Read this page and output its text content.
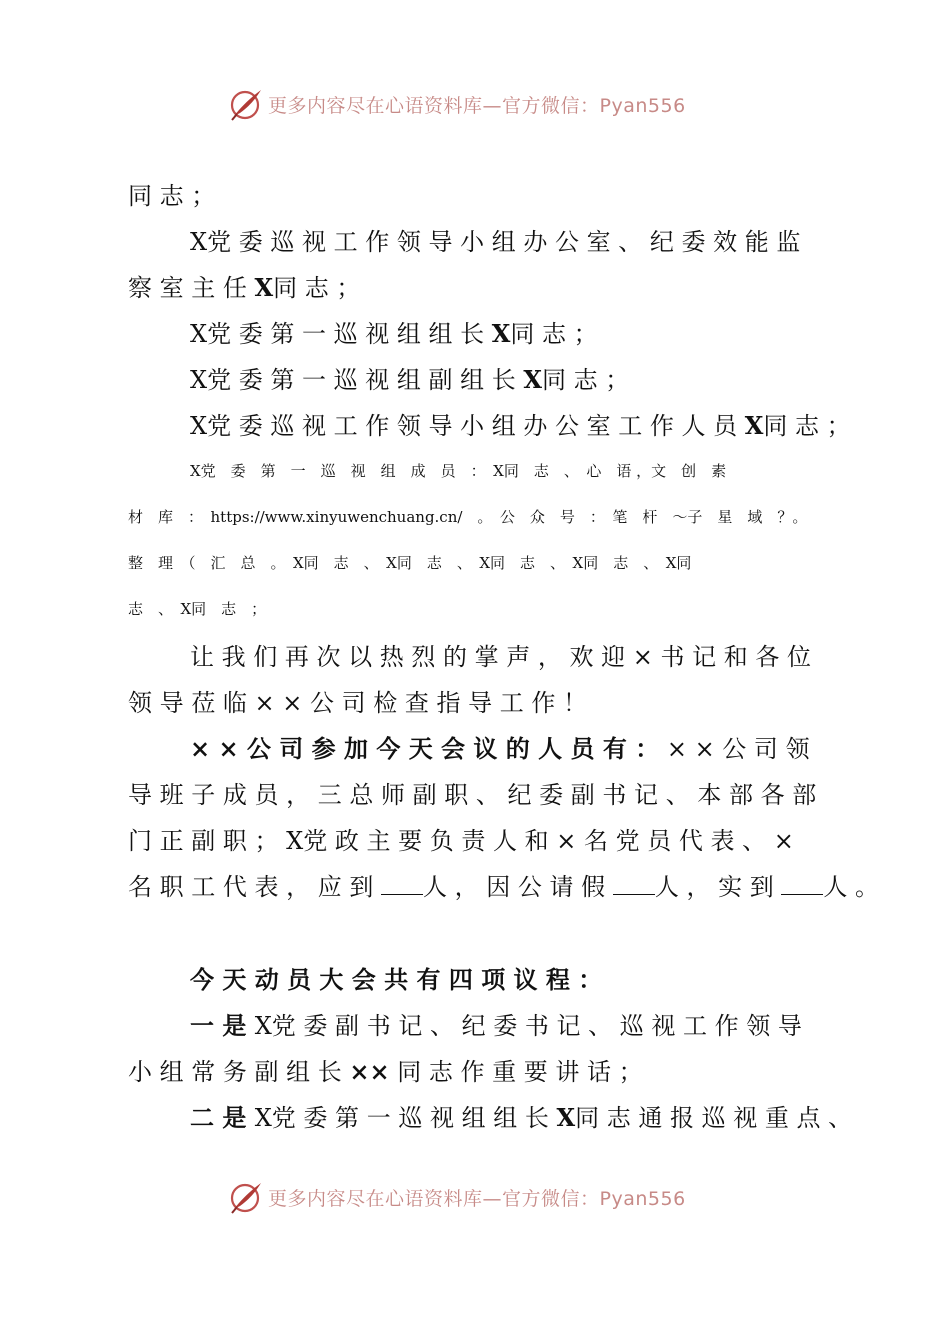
更多内容尽在心语资料库—官方微信：Pyan556
同 志 ；
X党 委 巡 视 工 作 领 导 小 组 办 公 室 、 纪 委 效 能 监
察 室 主 任 X同 志 ；
X党 委 第 一 巡 视 组 组 长 X同 志 ；
X党 委 第 一 巡 视 组 副 组 长 X同 志 ；
X党 委 巡 视 工 作 领 导 小 组 办 公 室 工 作 人 员 X同 志 ；
X党　委　第　一　巡　视　组　成　员　：　X同　志　、　心　语 ，文　创　素
材　库　：　https://www.xinyuwenchuang.cn/　。　公　众　号　：　笔　杆　～子　星　域　？。
整　理　（　汇　总　。　X同　志　、　X同　志　、　X同　志　、　X同　志　、　X同
志　、　X同　志　；
让 我 们 再 次 以 热 烈 的 掌 声 ， 欢 迎 × 书 记 和 各 位
领 导 莅 临 × × 公 司 检 查 指 导 工 作 ！
× × 公 司 参 加 今 天 会 议 的 人 员 有 ： × × 公 司 领
导 班 子 成 员 ， 三 总 师 副 职 、 纪 委 副 书 记 、 本 部 各 部
门 正 副 职 ； X党 政 主 要 负 责 人 和 × 名 党 员 代 表 、 ×
名 职 工 代 表 ， 应 到 人 ， 因 公 请 假 人 ， 实 到 人 。
今 天 动 员 大 会 共 有 四 项 议 程 ：
一 是 X党 委 副 书 记 、 纪 委 书 记 、 巡 视 工 作 领 导
小 组 常 务 副 组 长 ×× 同 志 作 重 要 讲 话 ；
二 是 X党 委 第 一 巡 视 组 组 长 X同 志 通 报 巡 视 重 点 、
更多内容尽在心语资料库—官方微信：Pyan556
